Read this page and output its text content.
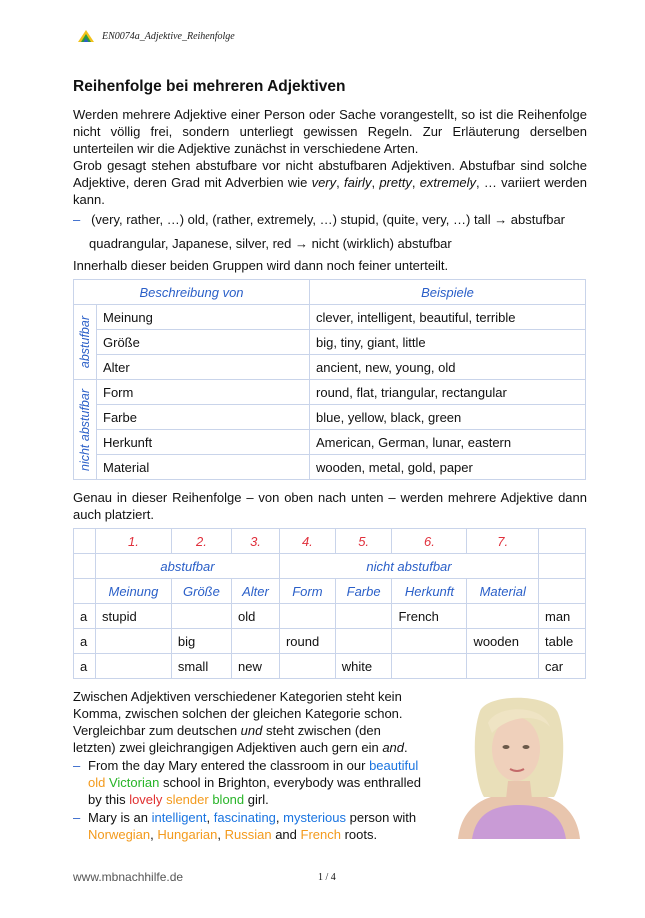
EN0074a_Adjektive_Reihenfolge
Reihenfolge bei mehreren Adjektiven

Werden mehrere Adjektive einer Person oder Sache vorangestellt, so ist die Reihenfolge nicht völlig frei, sondern unterliegt gewissen Regeln. Zur Erläuterung derselben unterteilen wir die Adjektive zunächst in verschiedene Arten.

Grob gesagt stehen abstufbare vor nicht abstufbaren Adjektiven. Abstufbar sind solche Adjektive, deren Grad mit Adverbien wie very, fairly, pretty, extremely, … variiert werden kann.

– (very, rather, …) old, (rather, extremely, …) stupid, (quite, very, …) tall → abstufbar

quadrangular, Japanese, silver, red → nicht (wirklich) abstufbar

Innerhalb dieser beiden Gruppen wird dann noch feiner unterteilt.

Beschreibung von		Beispiele

abstufbar	Meinung	clever, intelligent, beautiful, terrible
	Größe	big, tiny, giant, little
	Alter	ancient, new, young, old

nicht abstufbar	Form	round, flat, triangular, rectangular
	Farbe	blue, yellow, black, green
	Herkunft	American, German, lunar, eastern
	Material	wooden, metal, gold, paper

Genau in dieser Reihenfolge – von oben nach unten – werden mehrere Adjektive dann auch platziert.

	1.	2.	3.	4.	5.	6.	7.	
	abstufbar			nicht abstufbar				
	Meinung	Größe	Alter	Form	Farbe	Herkunft	Material	
a	stupid		old			French		man
a		big		round			wooden	table
a		small	new		white			car

Zwischen Adjektiven verschiedener Kategorien steht kein Komma, zwischen solchen der gleichen Kategorie schon. Vergleichbar zum deutschen und steht zwischen (den letzten) zwei gleichrangigen Adjektiven auch gern ein and.

– From the day Mary entered the classroom in our beautiful old Victorian school in Brighton, everybody was enthralled by this lovely slender blond girl.
– Mary is an intelligent, fascinating, mysterious person with Norwegian, Hungarian, Russian and French roots.
www.mbnachhilfe.de	1 / 4
